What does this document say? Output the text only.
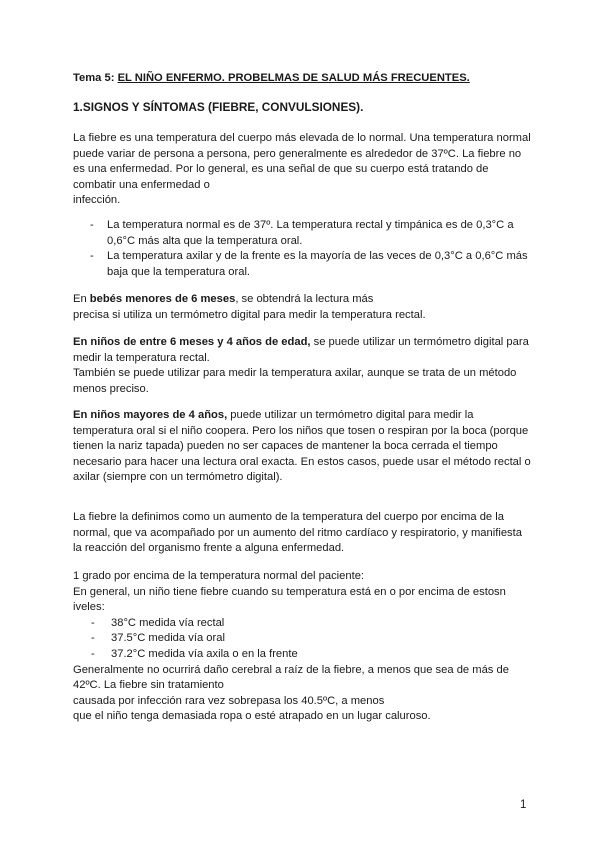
Tema 5: EL NIÑO ENFERMO. PROBELMAS DE SALUD MÁS FRECUENTES.

1.SIGNOS Y SÍNTOMAS (FIEBRE, CONVULSIONES).

La fiebre es una temperatura del cuerpo más elevada de lo normal. Una temperatura normal

puede variar de persona a persona, pero generalmente es alrededor de 37ºC. La fiebre no

es una enfermedad. Por lo general, es una señal de que su cuerpo está tratando de

combatir una enfermedad o

infección.

- La temperatura normal es de 37º. La temperatura rectal y timpánica es de 0,3°C a
0,6°C más alta que la temperatura oral.
- La temperatura axilar y de la frente es la mayoría de las veces de 0,3°C a 0,6°C más
baja que la temperatura oral.

En bebés menores de 6 meses, se obtendrá la lectura más

precisa si utiliza un termómetro digital para medir la temperatura rectal.

En niños de entre 6 meses y 4 años de edad, se puede utilizar un termómetro digital para

medir la temperatura rectal.

También se puede utilizar para medir la temperatura axilar, aunque se trata de un método

menos preciso.

En niños mayores de 4 años, puede utilizar un termómetro digital para medir la

temperatura oral si el niño coopera. Pero los niños que tosen o respiran por la boca (porque

tienen la nariz tapada) pueden no ser capaces de mantener la boca cerrada el tiempo

necesario para hacer una lectura oral exacta. En estos casos, puede usar el método rectal o

axilar (siempre con un termómetro digital).

La fiebre la definimos como un aumento de la temperatura del cuerpo por encima de la

normal, que va acompañado por un aumento del ritmo cardíaco y respiratorio, y manifiesta

la reacción del organismo frente a alguna enfermedad.

1 grado por encima de la temperatura normal del paciente:

En general, un niño tiene fiebre cuando su temperatura está en o por encima de estosn

iveles:

- 38°C medida vía rectal
- 37.5°C medida vía oral
- 37.2°C medida vía axila o en la frente

Generalmente no ocurrirá daño cerebral a raíz de la fiebre, a menos que sea de más de

42ºC. La fiebre sin tratamiento

causada por infección rara vez sobrepasa los 40.5ºC, a menos

que el niño tenga demasiada ropa o esté atrapado en un lugar caluroso.

1
